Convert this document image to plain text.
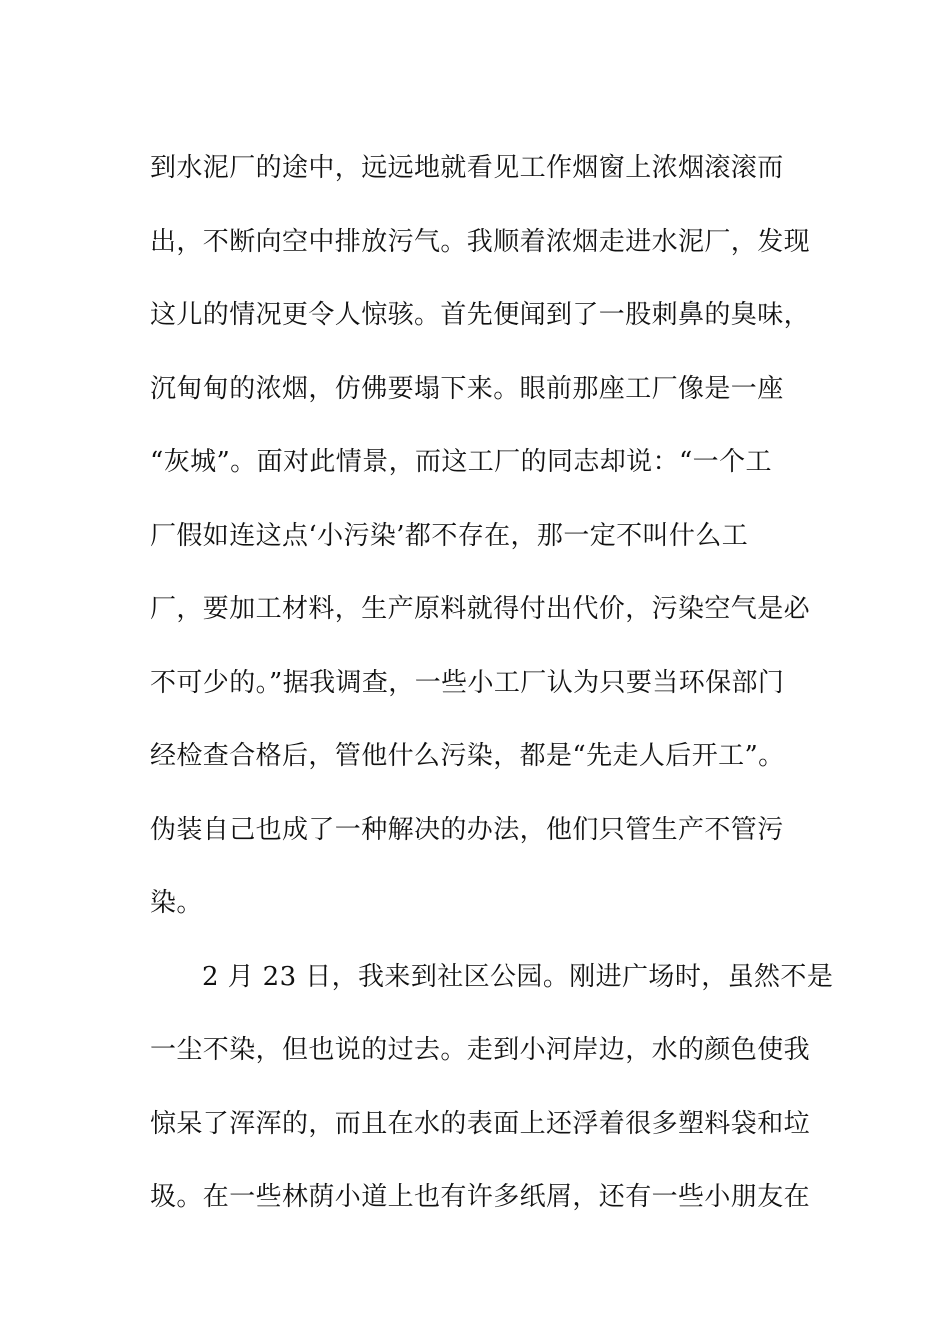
到水泥厂的途中，远远地就看见工作烟窗上浓烟滚滚而
出，不断向空中排放污气。我顺着浓烟走进水泥厂，发现
这儿的情况更令人惊骇。首先便闻到了一股刺鼻的臭味，
沉甸甸的浓烟，仿佛要塌下来。眼前那座工厂像是一座
“灰城”。面对此情景，而这工厂的同志却说：“一个工
厂假如连这点‘小污染’都不存在，那一定不叫什么工
厂，要加工材料，生产原料就得付出代价，污染空气是必
不可少的。”据我调查，一些小工厂认为只要当环保部门
经检查合格后，管他什么污染，都是“先走人后开工”。
伪装自己也成了一种解决的办法，他们只管生产不管污
染。
2 月 23 日，我来到社区公园。刚进广场时，虽然不是
一尘不染，但也说的过去。走到小河岸边，水的颜色使我
惊呆了浑浑的，而且在水的表面上还浮着很多塑料袋和垃
圾。在一些林荫小道上也有许多纸屑，还有一些小朋友在
